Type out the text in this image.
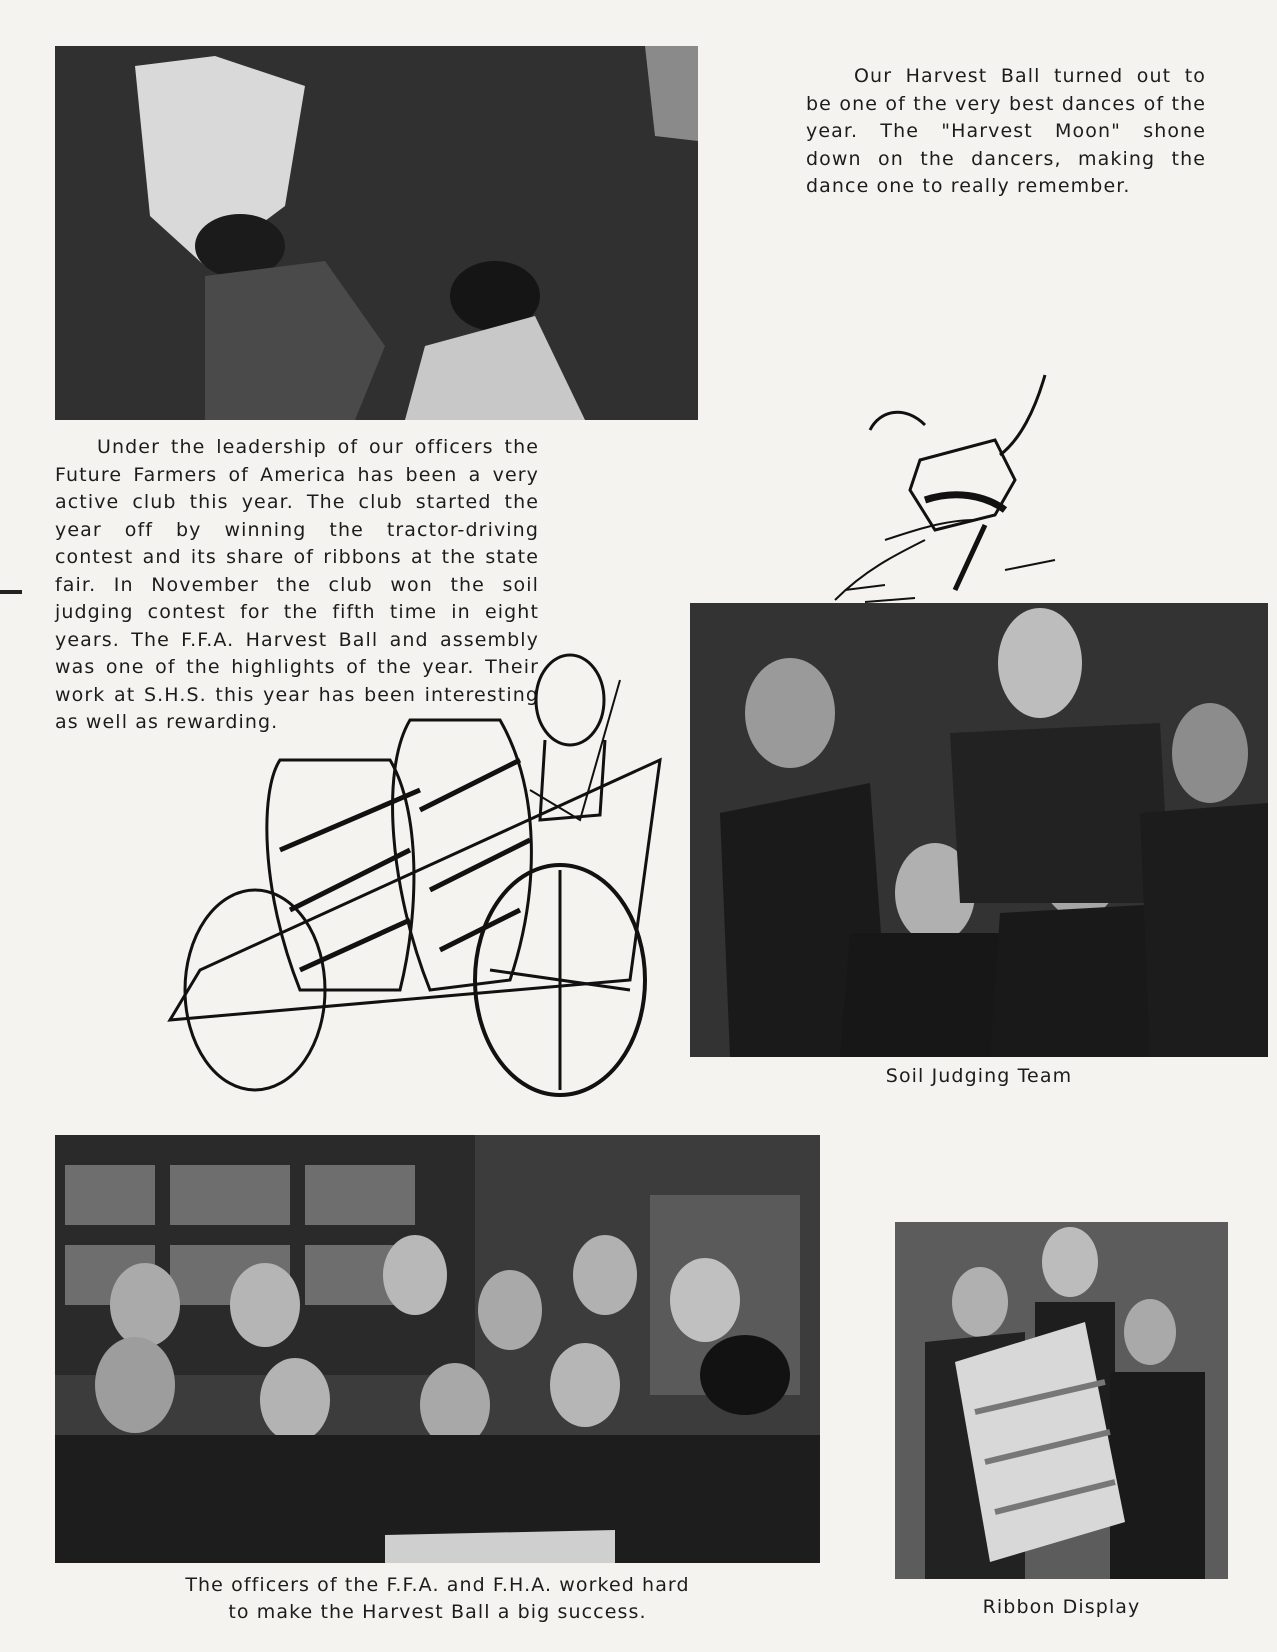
Our Harvest Ball turned out to be one of the very best dances of the year. The "Harvest Moon" shone down on the dancers, making the dance one to really remember.
Under the leadership of our officers the Future Farmers of America has been a very active club this year. The club started the year off by winning the tractor-driving contest and its share of ribbons at the state fair. In November the club won the soil judging contest for the fifth time in eight years. The F.F.A. Harvest Ball and assembly was one of the highlights of the year. Their work at S.H.S. this year has been interesting as well as rewarding.
Soil Judging Team
The officers of the F.F.A. and F.H.A. worked hard
to make the Harvest Ball a big success.	Ribbon Display
